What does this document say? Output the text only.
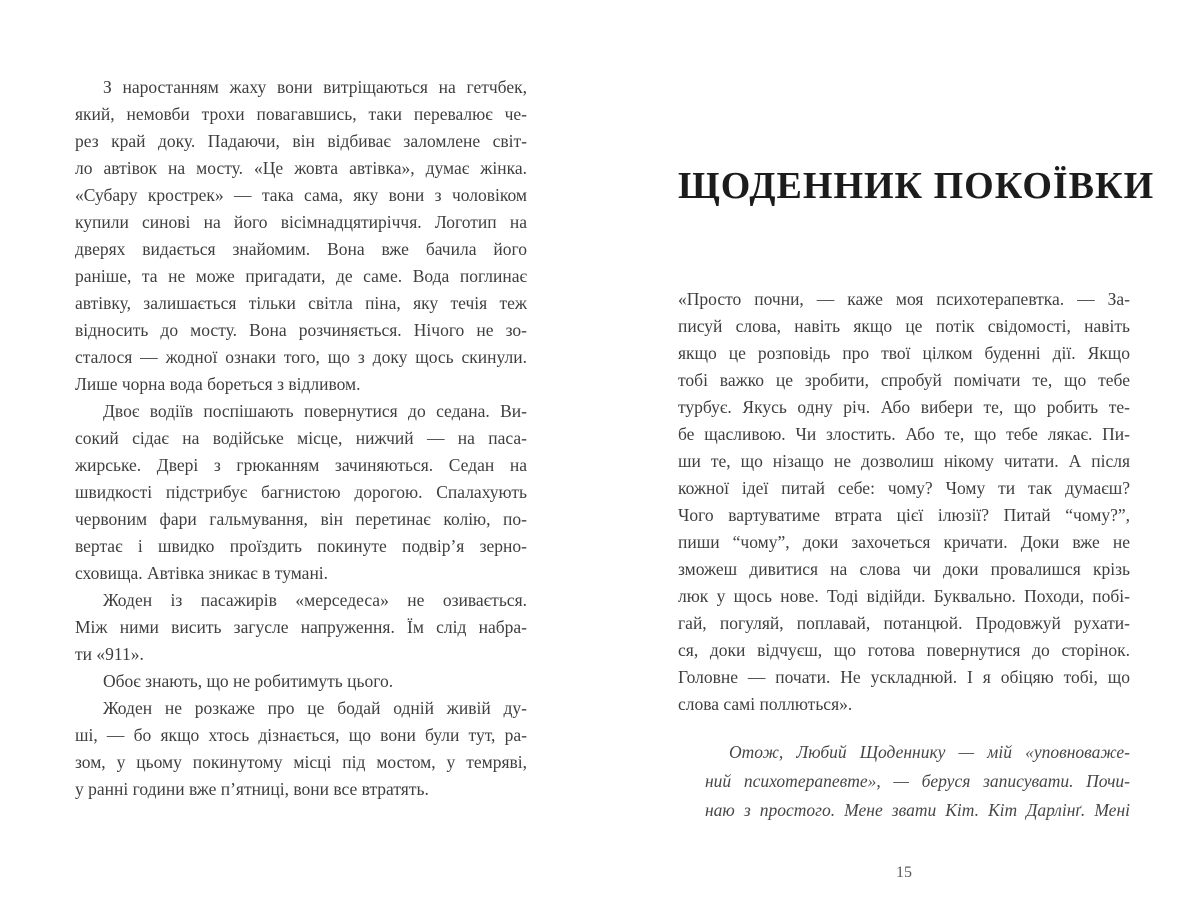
З наростанням жаху вони витріщаються на гетчбек,
який, немовби трохи повагавшись, таки перевалює че-
рез край доку. Падаючи, він відбиває заломлене світ-
ло автівок на мосту. «Це жовта автівка», думає жінка.
«Субару крострек» — така сама, яку вони з чоловіком
купили синові на його вісімнадцятиріччя. Логотип на
дверях видається знайомим. Вона вже бачила його
раніше, та не може пригадати, де саме. Вода поглинає
автівку, залишається тільки світла піна, яку течія теж
відносить до мосту. Вона розчиняється. Нічого не зо-
сталося — жодної ознаки того, що з доку щось скинули.
Лише чорна вода бореться з відливом.
Двоє водіїв поспішають повернутися до седана. Ви-
сокий сідає на водійське місце, нижчий — на паса-
жирське. Двері з грюканням зачиняються. Седан на
швидкості підстрибує багнистою дорогою. Спалахують
червоним фари гальмування, він перетинає колію, по-
вертає і швидко проїздить покинуте подвір’я зерно-
сховища. Автівка зникає в тумані.
Жоден із пасажирів «мерседеса» не озивається.
Між ними висить загусле напруження. Їм слід набра-
ти «911».
Обоє знають, що не робитимуть цього.
Жоден не розкаже про це бодай одній живій ду-
ші, — бо якщо хтось дізнається, що вони були тут, ра-
зом, у цьому покинутому місці під мостом, у темряві,
у ранні години вже п’ятниці, вони все втратять.
ЩОДЕННИК ПОКОЇВКИ
«Просто почни, — каже моя психотерапевтка. — За-
писуй слова, навіть якщо це потік свідомості, навіть
якщо це розповідь про твої цілком буденні дії. Якщо
тобі важко це зробити, спробуй помічати те, що тебе
турбує. Якусь одну річ. Або вибери те, що робить те-
бе щасливою. Чи злостить. Або те, що тебе лякає. Пи-
ши те, що нізащо не дозволиш нікому читати. А після
кожної ідеї питай себе: чому? Чому ти так думаєш?
Чого вартуватиме втрата цієї ілюзії? Питай “чому?”,
пиши “чому”, доки захочеться кричати. Доки вже не
зможеш дивитися на слова чи доки провалишся крізь
люк у щось нове. Тоді відійди. Буквально. Походи, побі-
гай, погуляй, поплавай, потанцюй. Продовжуй рухати-
ся, доки відчуєш, що готова повернутися до сторінок.
Головне — почати. Не ускладнюй. І я обіцяю тобі, що
слова самі поллються».
Отож, Любий Щоденнику — мій «уповноваже-
ний психотерапевте», — беруся записувати. Почи-
наю з простого. Мене звати Кіт. Кіт Дарлінґ. Мені
15
